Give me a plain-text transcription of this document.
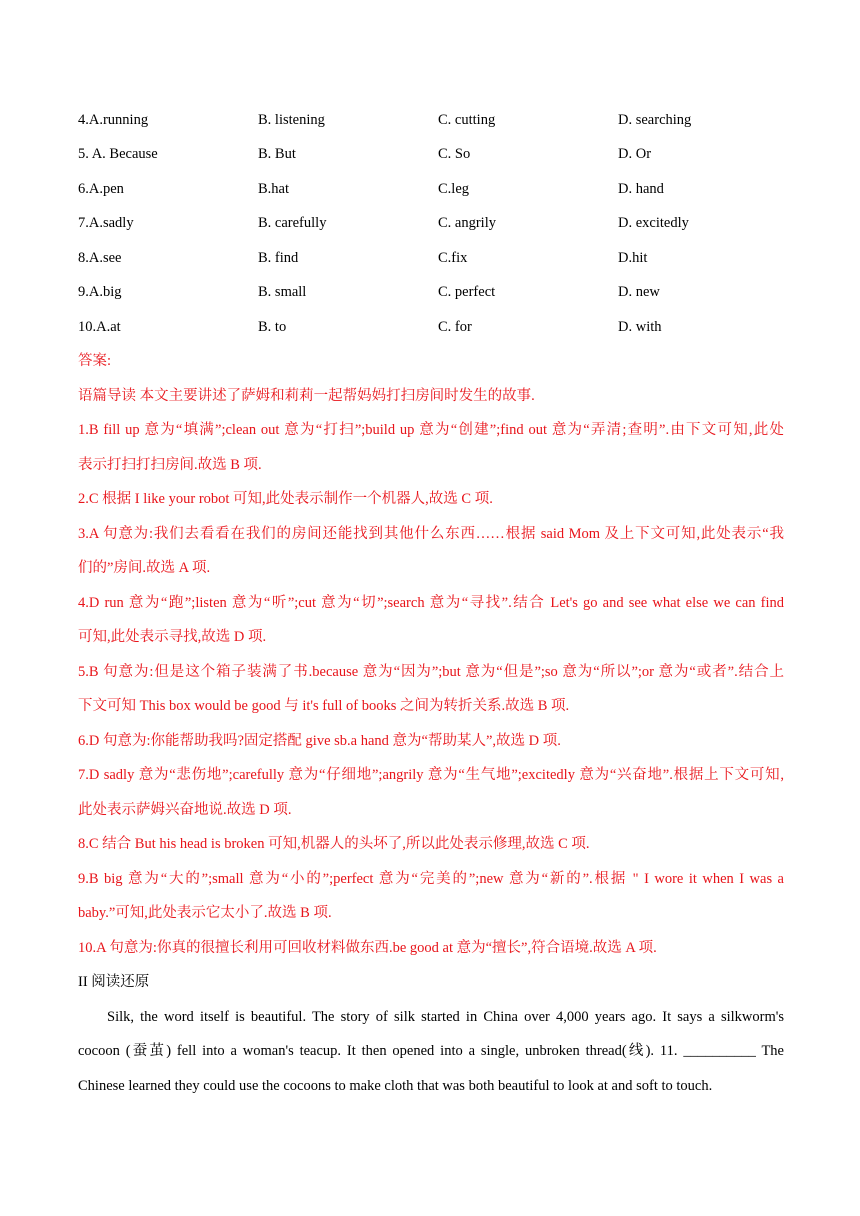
4.A.running	B. listening	C. cutting	D. searching
5. A. Because	B. But	C. So	D. Or
6.A.pen	B.hat	C.leg	D. hand
7.A.sadly	B. carefully	C. angrily	D. excitedly
8.A.see	B. find	C.fix	D.hit
9.A.big	B. small	C. perfect	D. new
10.A.at	B. to	C. for	D. with
答案:
语篇导读 本文主要讲述了萨姆和莉莉一起帮妈妈打扫房间时发生的故事.
1.B fill up 意为“填满”;clean out 意为“打扫”;build up 意为“创建”;find out 意为“弄清;查明”.由下文可知,此处
表示打扫打扫房间.故选 B 项.
2.C 根据 I like your robot 可知,此处表示制作一个机器人,故选 C 项.
3.A 句意为:我们去看看在我们的房间还能找到其他什么东西……根据 said Mom 及上下文可知,此处表示“我
们的”房间.故选 A 项.
4.D run 意为“跑”;listen 意为“听”;cut 意为“切”;search 意为“寻找”.结合 Let's go and see what else we can find
可知,此处表示寻找,故选 D 项.
5.B 句意为:但是这个箱子装满了书.because 意为“因为”;but 意为“但是”;so 意为“所以”;or 意为“或者”.结合上
下文可知 This box would be good 与 it's full of books 之间为转折关系.故选 B 项.
6.D 句意为:你能帮助我吗?固定搭配 give sb.a hand 意为“帮助某人”,故选 D 项.
7.D sadly 意为“悲伤地”;carefully 意为“仔细地”;angrily 意为“生气地”;excitedly 意为“兴奋地”.根据上下文可知,
此处表示萨姆兴奋地说.故选 D 项.
8.C 结合 But his head is broken 可知,机器人的头坏了,所以此处表示修理,故选 C 项.
9.B big 意为“大的”;small 意为“小的”;perfect 意为“完美的”;new 意为“新的”.根据 " I wore it when I was a
baby.”可知,此处表示它太小了.故选 B 项.
10.A 句意为:你真的很擅长利用可回收材料做东西.be good at 意为“擅长”,符合语境.故选 A 项.
II 阅读还原
Silk, the word itself is beautiful. The story of silk started in China over 4,000 years ago. It says a silkworm's
cocoon (蚕茧) fell into a woman's teacup. It then opened into a single, unbroken thread(线). 11. __________ The
Chinese learned they could use the cocoons to make cloth that was both beautiful to look at and soft to touch.
